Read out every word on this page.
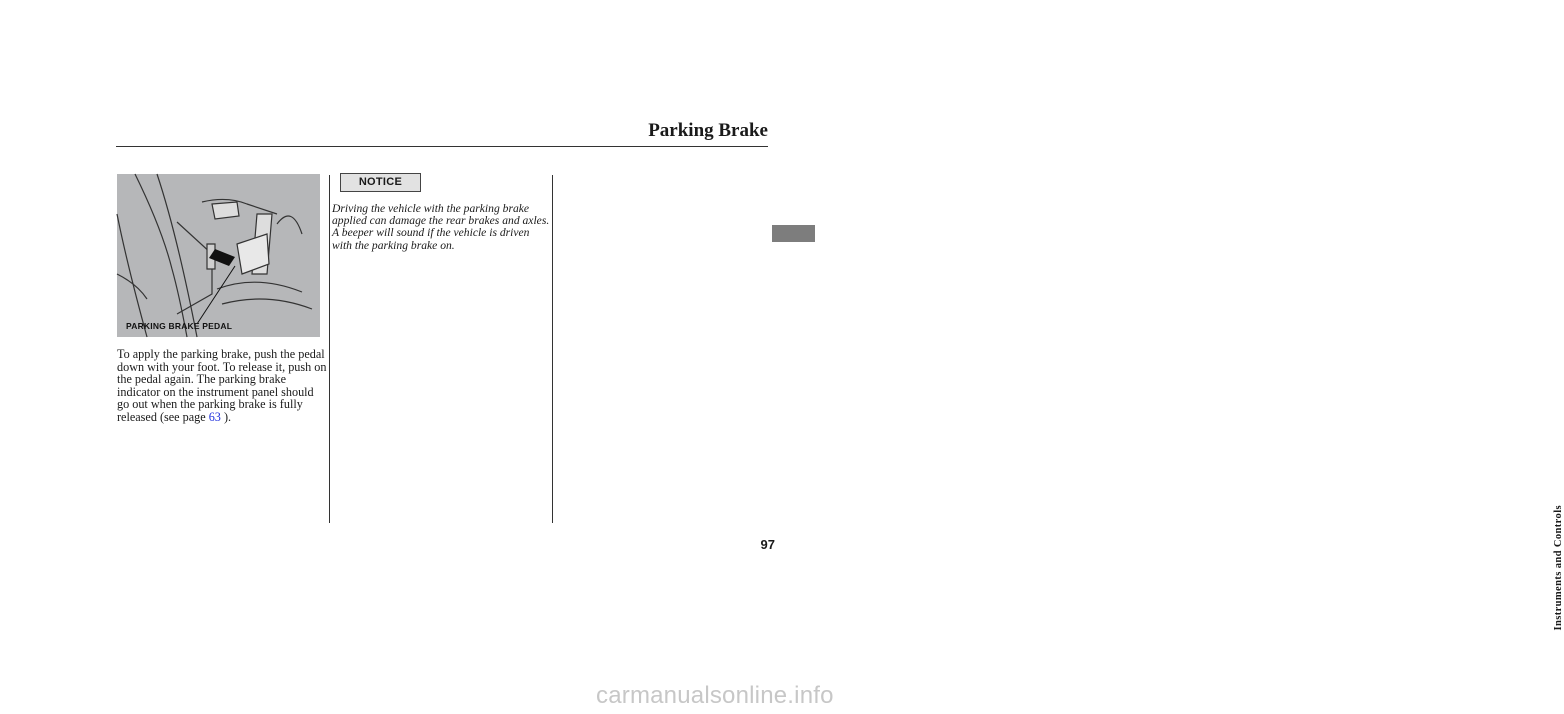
Parking Brake
PARKING BRAKE PEDAL

To apply the parking brake, push the pedal down with your foot. To release it, push on the pedal again. The parking brake indicator on the instrument panel should go out when the parking brake is fully released (see page 63 ).

NOTICE
Driving the vehicle with the parking brake applied can damage the rear brakes and axles. A beeper will sound if the vehicle is driven with the parking brake on.
Instruments and Controls
97
carmanualsonline.info
